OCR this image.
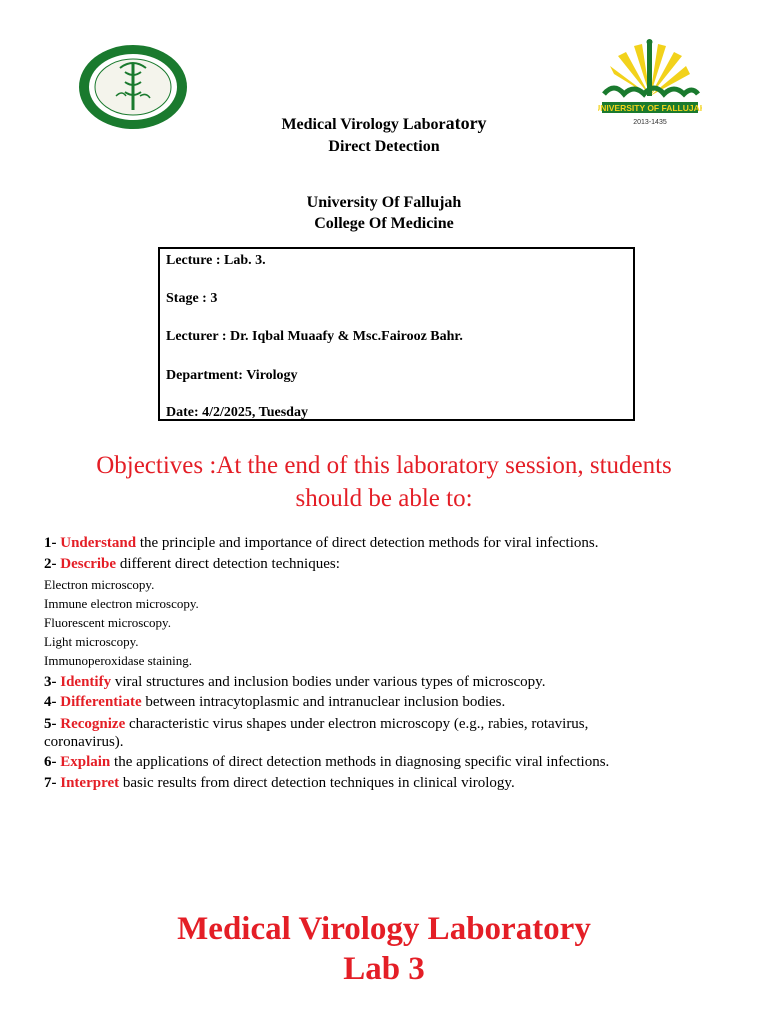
UNIVERSITY OF FALLUJAH
2013-1435
Medical Virology Laboratory
Direct Detection
University Of Fallujah
College Of Medicine
Lecture : Lab. 3.
Stage : 3
Lecturer : Dr. Iqbal Muaafy & Msc.Fairooz Bahr.
Department: Virology
Date: 4/2/2025, Tuesday
Objectives :At the end of this laboratory session, students
should be able to:
1- Understand the principle and importance of direct detection methods for viral infections.
2- Describe different direct detection techniques:
Electron microscopy.
Immune electron microscopy.
Fluorescent microscopy.
Light microscopy.
Immunoperoxidase staining.
3- Identify viral structures and inclusion bodies under various types of microscopy.
4- Differentiate between intracytoplasmic and intranuclear inclusion bodies.
5- Recognize characteristic virus shapes under electron microscopy (e.g., rabies, rotavirus,
coronavirus).
6- Explain the applications of direct detection methods in diagnosing specific viral infections.
7- Interpret basic results from direct detection techniques in clinical virology.
Medical Virology Laboratory
Lab 3
